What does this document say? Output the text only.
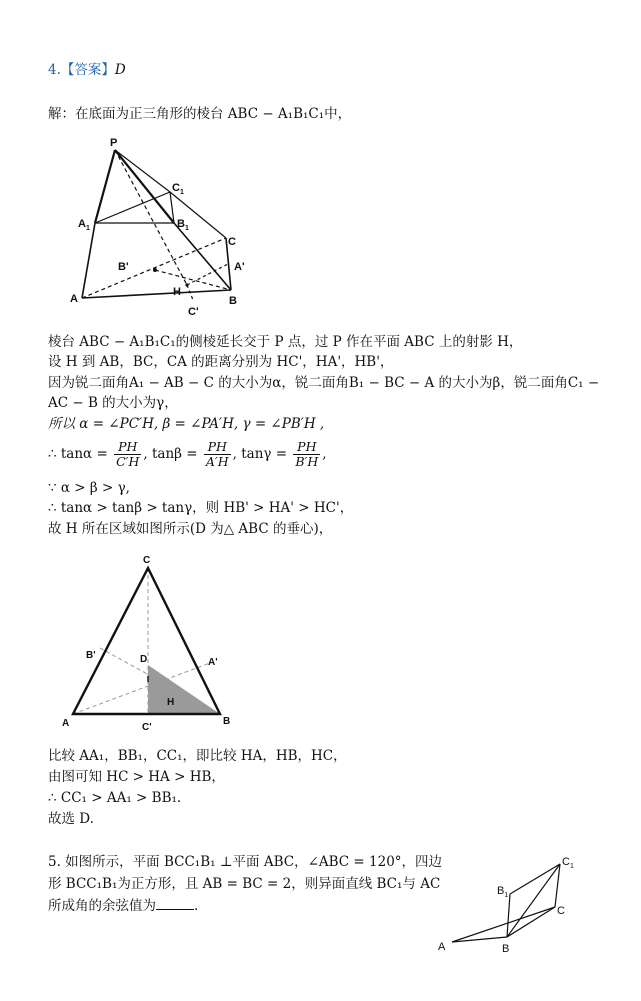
4.【答案】D
解：在底面为正三角形的棱台 ABC − A₁B₁C₁中，
P
$C_1$
$A_1$	$B_1$
C
A'
B'
H
A	B
C'
棱台 ABC − A₁B₁C₁的侧棱延长交于 P 点，过 P 作在平面 ABC 上的射影 H，
设 H 到 AB，BC，CA 的距离分别为 HC'，HA'，HB'，
因为锐二面角A₁ − AB − C 的大小为α，锐二面角B₁ − BC − A 的大小为β，锐二面角C₁ −
AC − B 的大小为γ，
所以 α = ∠PC′H, β = ∠PA′H, γ = ∠PB′H ,
∴ $\tan\alpha = \frac{PH}{C'H}$ , $\tan\beta = \frac{PH}{A'H}$ , $\tan\gamma = \frac{PH}{B'H}$ ,
∵ α > β > γ,
∴ tanα > tanβ > tanγ，则 HB' > HA' > HC'，
故 H 所在区域如图所示(D 为△ ABC 的垂心)，
C
B'	D	A'
H
A	C'
B
比较 AA₁，BB₁，CC₁，即比较 HA，HB，HC，
由图可知 HC > HA > HB，
∴ CC₁ > AA₁ > BB₁.
故选 D.
5. 如图所示，平面 BCC₁B₁ ⊥平面 ABC，∠ABC = 120°，四边
形 BCC₁B₁为正方形，且 AB = BC = 2，则异面直线 BC₁与 AC
所成角的余弦值为	.
$C_1$
$B_1$
C
A	B
